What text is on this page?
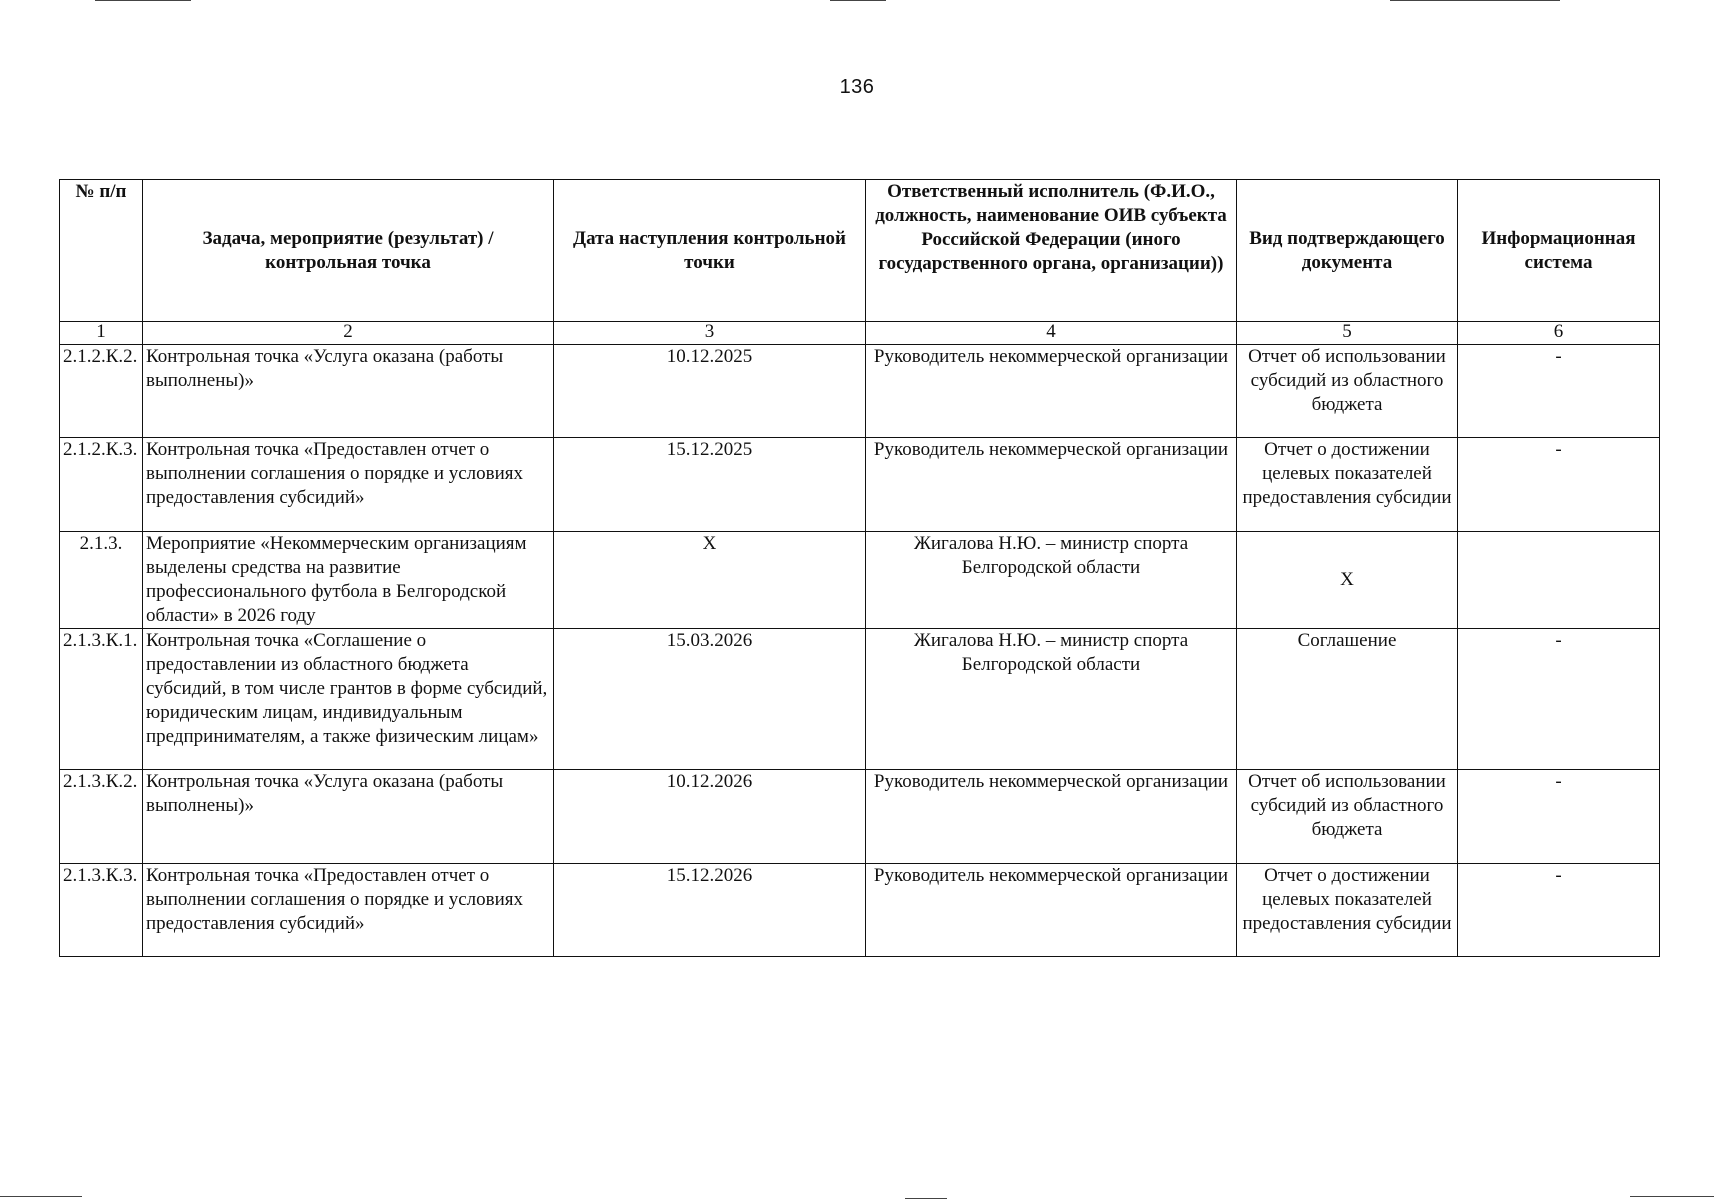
136
№ п/п	Задача, мероприятие (результат) / контрольная точка	Дата наступления контрольной точки	Ответственный исполнитель (Ф.И.О., должность, наименование ОИВ субъекта Российской Федерации (иного государственного органа, организации))	Вид подтверждающего документа	Информационная система
1	2	3	4	5	6
2.1.2.К.2.	Контрольная точка «Услуга оказана (работы выполнены)»	10.12.2025	Руководитель некоммерческой организации	Отчет об использовании субсидий из областного бюджета	-
2.1.2.К.3.	Контрольная точка «Предоставлен отчет о выполнении соглашения о порядке и условиях предоставления субсидий»	15.12.2025	Руководитель некоммерческой организации	Отчет о достижении целевых показателей предоставления субсидии	-
2.1.3.	Мероприятие «Некоммерческим организациям выделены средства на развитие профессионального футбола в Белгородской области» в 2026 году	Х	Жигалова Н.Ю. – министр спорта Белгородской области	Х	
2.1.3.К.1.	Контрольная точка «Соглашение о предоставлении из областного бюджета субсидий, в том числе грантов в форме субсидий, юридическим лицам, индивидуальным предпринимателям, а также физическим лицам»	15.03.2026	Жигалова Н.Ю. – министр спорта Белгородской области	Соглашение	-
2.1.3.К.2.	Контрольная точка «Услуга оказана (работы выполнены)»	10.12.2026	Руководитель некоммерческой организации	Отчет об использовании субсидий из областного бюджета	-
2.1.3.К.3.	Контрольная точка «Предоставлен отчет о выполнении соглашения о порядке и условиях предоставления субсидий»	15.12.2026	Руководитель некоммерческой организации	Отчет о достижении целевых показателей предоставления субсидии	-
